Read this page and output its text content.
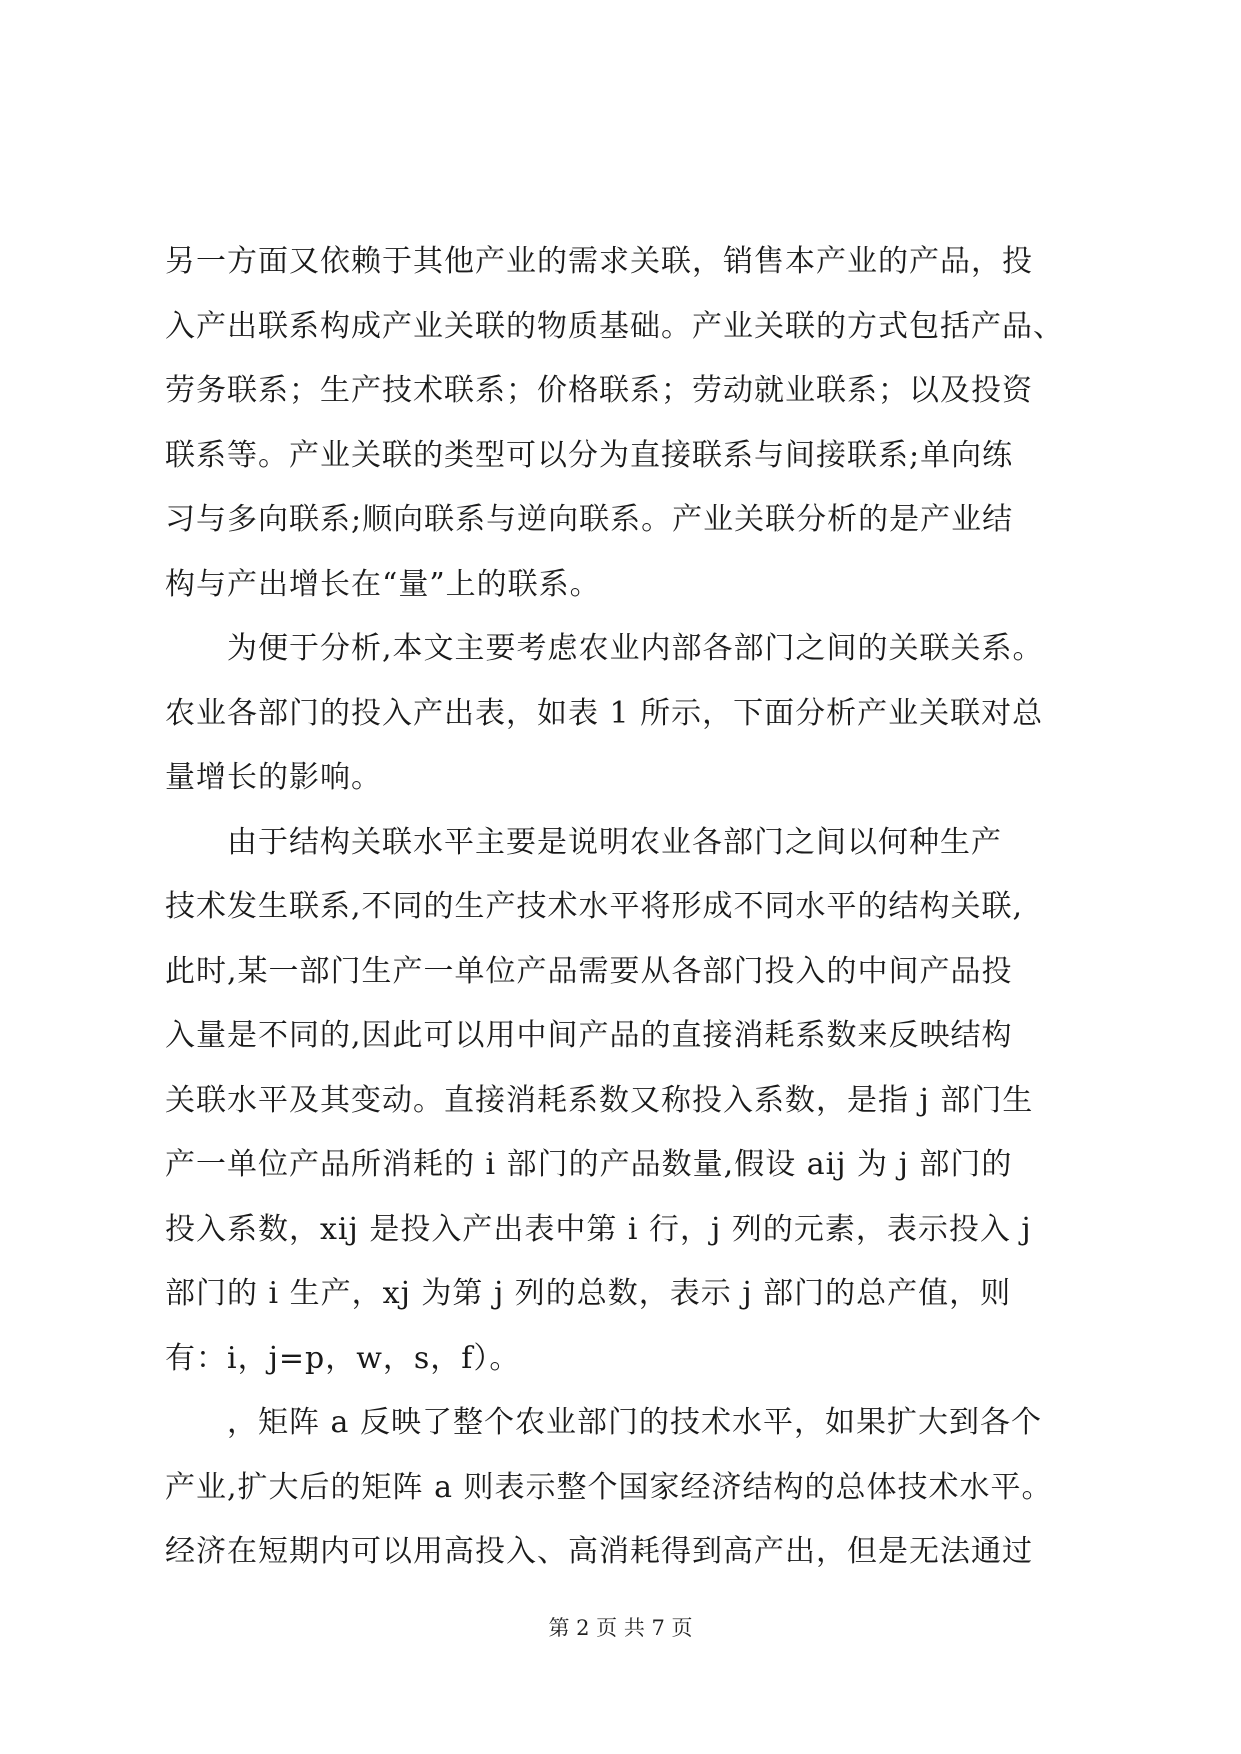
另一方面又依赖于其他产业的需求关联，销售本产业的产品，投
入产出联系构成产业关联的物质基础。产业关联的方式包括产品、
劳务联系；生产技术联系；价格联系；劳动就业联系；以及投资
联系等。产业关联的类型可以分为直接联系与间接联系;单向练
习与多向联系;顺向联系与逆向联系。产业关联分析的是产业结
构与产出增长在“量”上的联系。
　　为便于分析,本文主要考虑农业内部各部门之间的关联关系。
农业各部门的投入产出表，如表 1 所示，下面分析产业关联对总
量增长的影响。
　　由于结构关联水平主要是说明农业各部门之间以何种生产
技术发生联系,不同的生产技术水平将形成不同水平的结构关联,
此时,某一部门生产一单位产品需要从各部门投入的中间产品投
入量是不同的,因此可以用中间产品的直接消耗系数来反映结构
关联水平及其变动。直接消耗系数又称投入系数，是指 j 部门生
产一单位产品所消耗的 i 部门的产品数量,假设 aij 为 j 部门的
投入系数，xij 是投入产出表中第 i 行，j 列的元素，表示投入 j
部门的 i 生产，xj 为第 j 列的总数，表示 j 部门的总产值，则
有：i，j=p，w，s，f）。
　　，矩阵 a 反映了整个农业部门的技术水平，如果扩大到各个
产业,扩大后的矩阵 a 则表示整个国家经济结构的总体技术水平。
经济在短期内可以用高投入、高消耗得到高产出，但是无法通过
第 2 页 共 7 页
